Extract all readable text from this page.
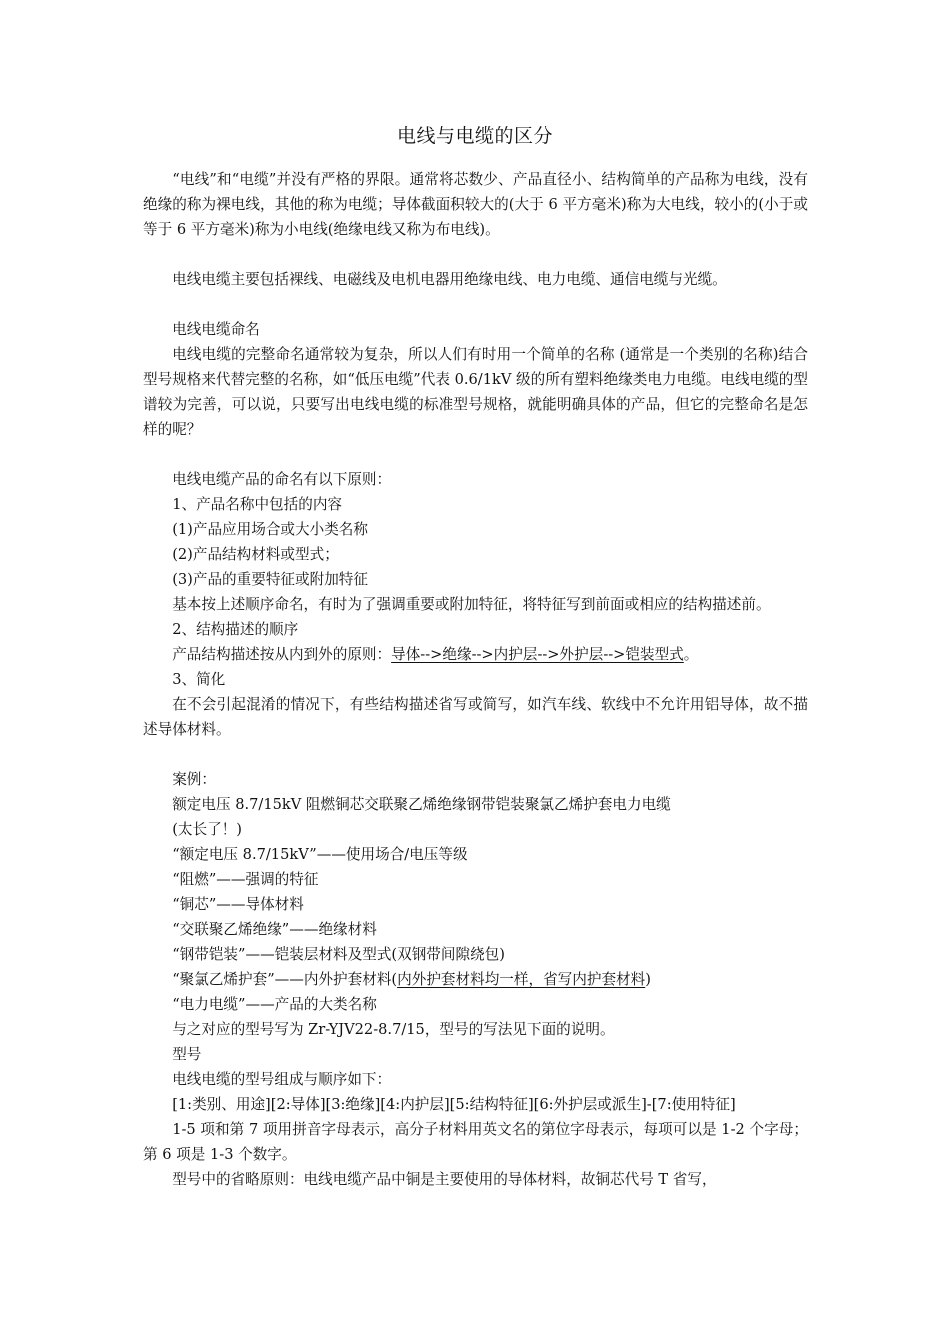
电线与电缆的区分

“电线”和“电缆”并没有严格的界限。通常将芯数少、产品直径小、结构简单的产品称为电线，没有绝缘的称为裸电线，其他的称为电缆；导体截面积较大的(大于 6 平方毫米)称为大电线，较小的(小于或等于 6 平方毫米)称为小电线(绝缘电线又称为布电线)。

电线电缆主要包括裸线、电磁线及电机电器用绝缘电线、电力电缆、通信电缆与光缆。

电线电缆命名

电线电缆的完整命名通常较为复杂，所以人们有时用一个简单的名称 (通常是一个类别的名称)结合型号规格来代替完整的名称，如“低压电缆”代表 0.6/1kV 级的所有塑料绝缘类电力电缆。电线电缆的型谱较为完善，可以说，只要写出电线电缆的标准型号规格，就能明确具体的产品，但它的完整命名是怎样的呢？

电线电缆产品的命名有以下原则：

1、产品名称中包括的内容

(1)产品应用场合或大小类名称

(2)产品结构材料或型式；

(3)产品的重要特征或附加特征

基本按上述顺序命名，有时为了强调重要或附加特征，将特征写到前面或相应的结构描述前。

2、结构描述的顺序

产品结构描述按从内到外的原则：导体-->绝缘-->内护层-->外护层-->铠装型式。

3、简化

在不会引起混淆的情况下，有些结构描述省写或简写，如汽车线、软线中不允许用铝导体，故不描述导体材料。

案例：

额定电压 8.7/15kV 阻燃铜芯交联聚乙烯绝缘钢带铠装聚氯乙烯护套电力电缆

(太长了！)

“额定电压 8.7/15kV”——使用场合/电压等级

“阻燃”——强调的特征

“铜芯”——导体材料

“交联聚乙烯绝缘”——绝缘材料

“钢带铠装”——铠装层材料及型式(双钢带间隙绕包)

“聚氯乙烯护套”——内外护套材料(内外护套材料均一样，省写内护套材料)

“电力电缆”——产品的大类名称

与之对应的型号写为 Zr-YJV22-8.7/15，型号的写法见下面的说明。

型号

电线电缆的型号组成与顺序如下：

[1:类别、用途][2:导体][3:绝缘][4:内护层][5:结构特征][6:外护层或派生]-[7:使用特征]

1-5 项和第 7 项用拼音字母表示，高分子材料用英文名的第位字母表示，每项可以是 1-2 个字母；第 6 项是 1-3 个数字。

型号中的省略原则：电线电缆产品中铜是主要使用的导体材料，故铜芯代号 T 省写，
